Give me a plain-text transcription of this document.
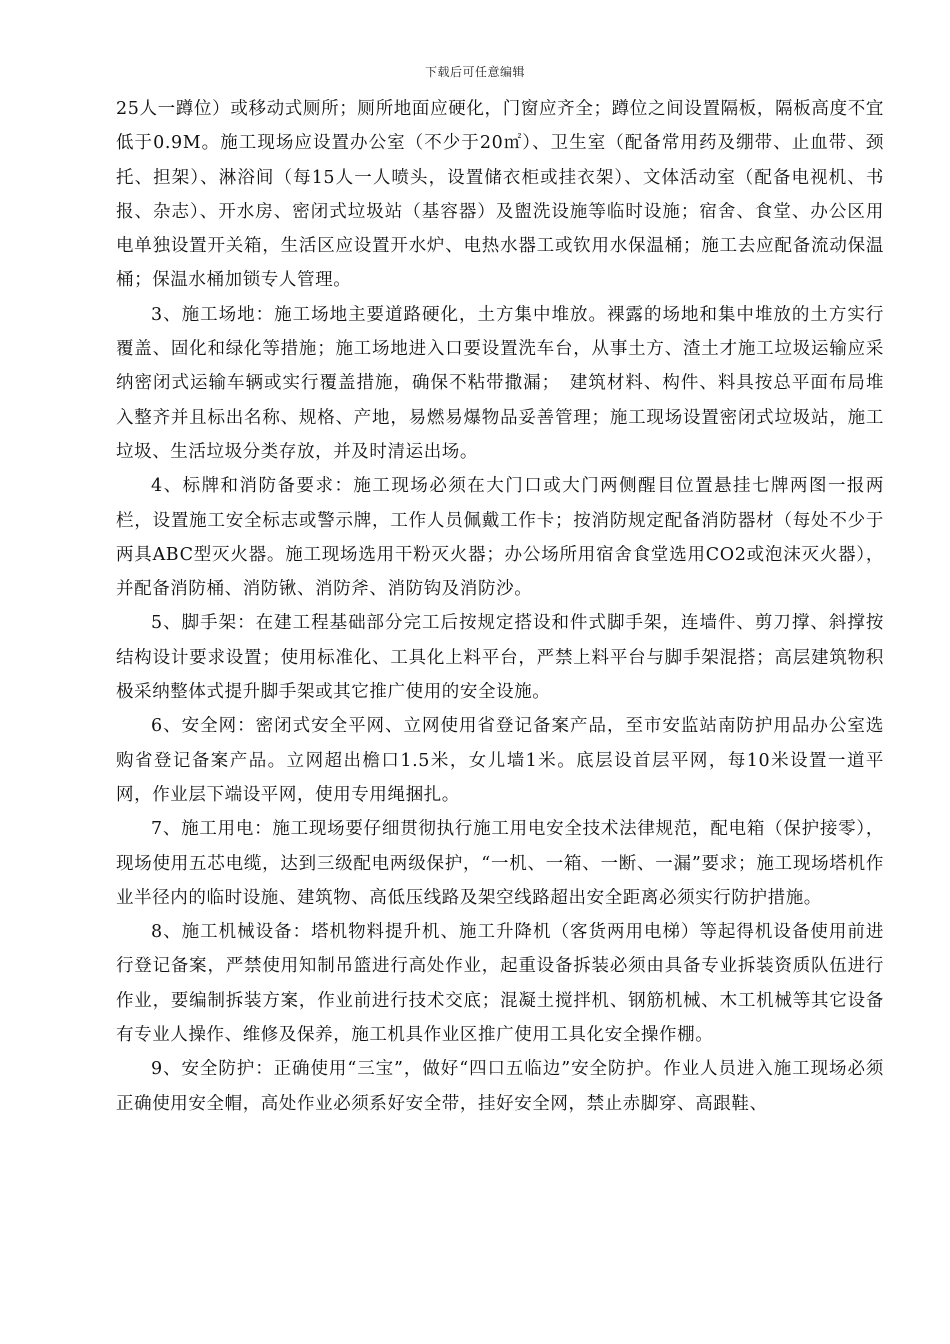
下载后可任意编辑

25人一蹲位）或移动式厕所；厕所地面应硬化，门窗应齐全；蹲位之间设置隔板，隔板高度不宜低于0.9M。施工现场应设置办公室（不少于20㎡）、卫生室（配备常用药及绷带、止血带、颈托、担架）、淋浴间（每15人一人喷头，设置储衣柜或挂衣架）、文体活动室（配备电视机、书报、杂志）、开水房、密闭式垃圾站（基容器）及盥洗设施等临时设施；宿舍、食堂、办公区用电单独设置开关箱，生活区应设置开水炉、电热水器工或钦用水保温桶；施工去应配备流动保温桶；保温水桶加锁专人管理。

3、施工场地：施工场地主要道路硬化，土方集中堆放。裸露的场地和集中堆放的土方实行覆盖、固化和绿化等措施；施工场地进入口要设置洗车台，从事土方、渣土才施工垃圾运输应采纳密闭式运输车辆或实行覆盖措施，确保不粘带撒漏；　建筑材料、构件、料具按总平面布局堆入整齐并且标出名称、规格、产地，易燃易爆物品妥善管理；施工现场设置密闭式垃圾站，施工垃圾、生活垃圾分类存放，并及时清运出场。

4、标牌和消防备要求：施工现场必须在大门口或大门两侧醒目位置悬挂七牌两图一报两栏，设置施工安全标志或警示牌，工作人员佩戴工作卡；按消防规定配备消防器材（每处不少于两具ABC型灭火器。施工现场选用干粉灭火器；办公场所用宿舍食堂选用CO2或泡沫灭火器），并配备消防桶、消防锹、消防斧、消防钩及消防沙。

5、脚手架：在建工程基础部分完工后按规定搭设和件式脚手架，连墙件、剪刀撑、斜撑按结构设计要求设置；使用标准化、工具化上料平台，严禁上料平台与脚手架混搭；高层建筑物积极采纳整体式提升脚手架或其它推广使用的安全设施。

6、安全网：密闭式安全平网、立网使用省登记备案产品，至市安监站南防护用品办公室选购省登记备案产品。立网超出檐口1.5米，女儿墙1米。底层设首层平网，每10米设置一道平网，作业层下端设平网，使用专用绳捆扎。

7、施工用电：施工现场要仔细贯彻执行施工用电安全技术法律规范，配电箱（保护接零），现场使用五芯电缆，达到三级配电两级保护，“一机、一箱、一断、一漏”要求；施工现场塔机作业半径内的临时设施、建筑物、高低压线路及架空线路超出安全距离必须实行防护措施。

8、施工机械设备：塔机物料提升机、施工升降机（客货两用电梯）等起得机设备使用前进行登记备案，严禁使用知制吊篮进行高处作业，起重设备拆装必须由具备专业拆装资质队伍进行作业，要编制拆装方案，作业前进行技术交底；混凝土搅拌机、钢筋机械、木工机械等其它设备有专业人操作、维修及保养，施工机具作业区推广使用工具化安全操作棚。

9、安全防护：正确使用“三宝”，做好“四口五临边”安全防护。作业人员进入施工现场必须正确使用安全帽，高处作业必须系好安全带，挂好安全网，禁止赤脚穿、高跟鞋、
